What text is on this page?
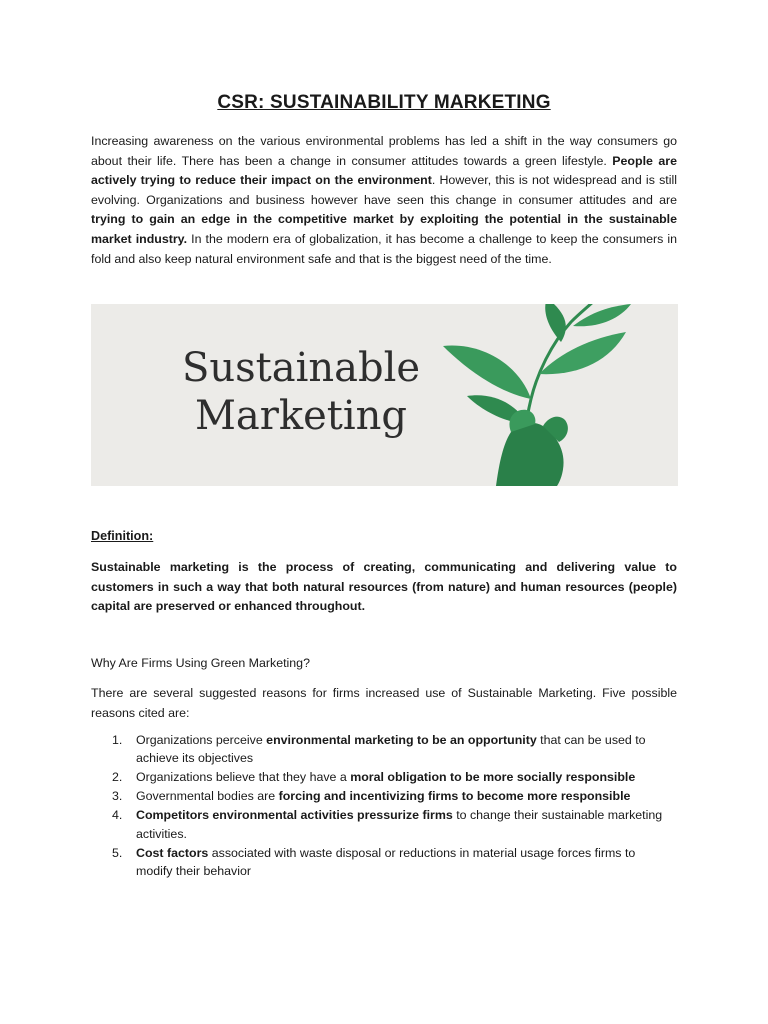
CSR: SUSTAINABILITY MARKETING

Increasing awareness on the various environmental problems has led a shift in the way consumers go about their life. There has been a change in consumer attitudes towards a green lifestyle. People are actively trying to reduce their impact on the environment. However, this is not widespread and is still evolving. Organizations and business however have seen this change in consumer attitudes and are trying to gain an edge in the competitive market by exploiting the potential in the sustainable market industry. In the modern era of globalization, it has become a challenge to keep the consumers in fold and also keep natural environment safe and that is the biggest need of the time.

Sustainable
Marketing
Definition:

Sustainable marketing is the process of creating, communicating and delivering value to customers in such a way that both natural resources (from nature) and human resources (people) capital are preserved or enhanced throughout.

Why Are Firms Using Green Marketing?

There are several suggested reasons for firms increased use of Sustainable Marketing. Five possible reasons cited are:

1. Organizations perceive environmental marketing to be an opportunity that can be used to achieve its objectives
2. Organizations believe that they have a moral obligation to be more socially responsible
3. Governmental bodies are forcing and incentivizing firms to become more responsible
4. Competitors environmental activities pressurize firms to change their sustainable marketing activities.
5. Cost factors associated with waste disposal or reductions in material usage forces firms to modify their behavior
